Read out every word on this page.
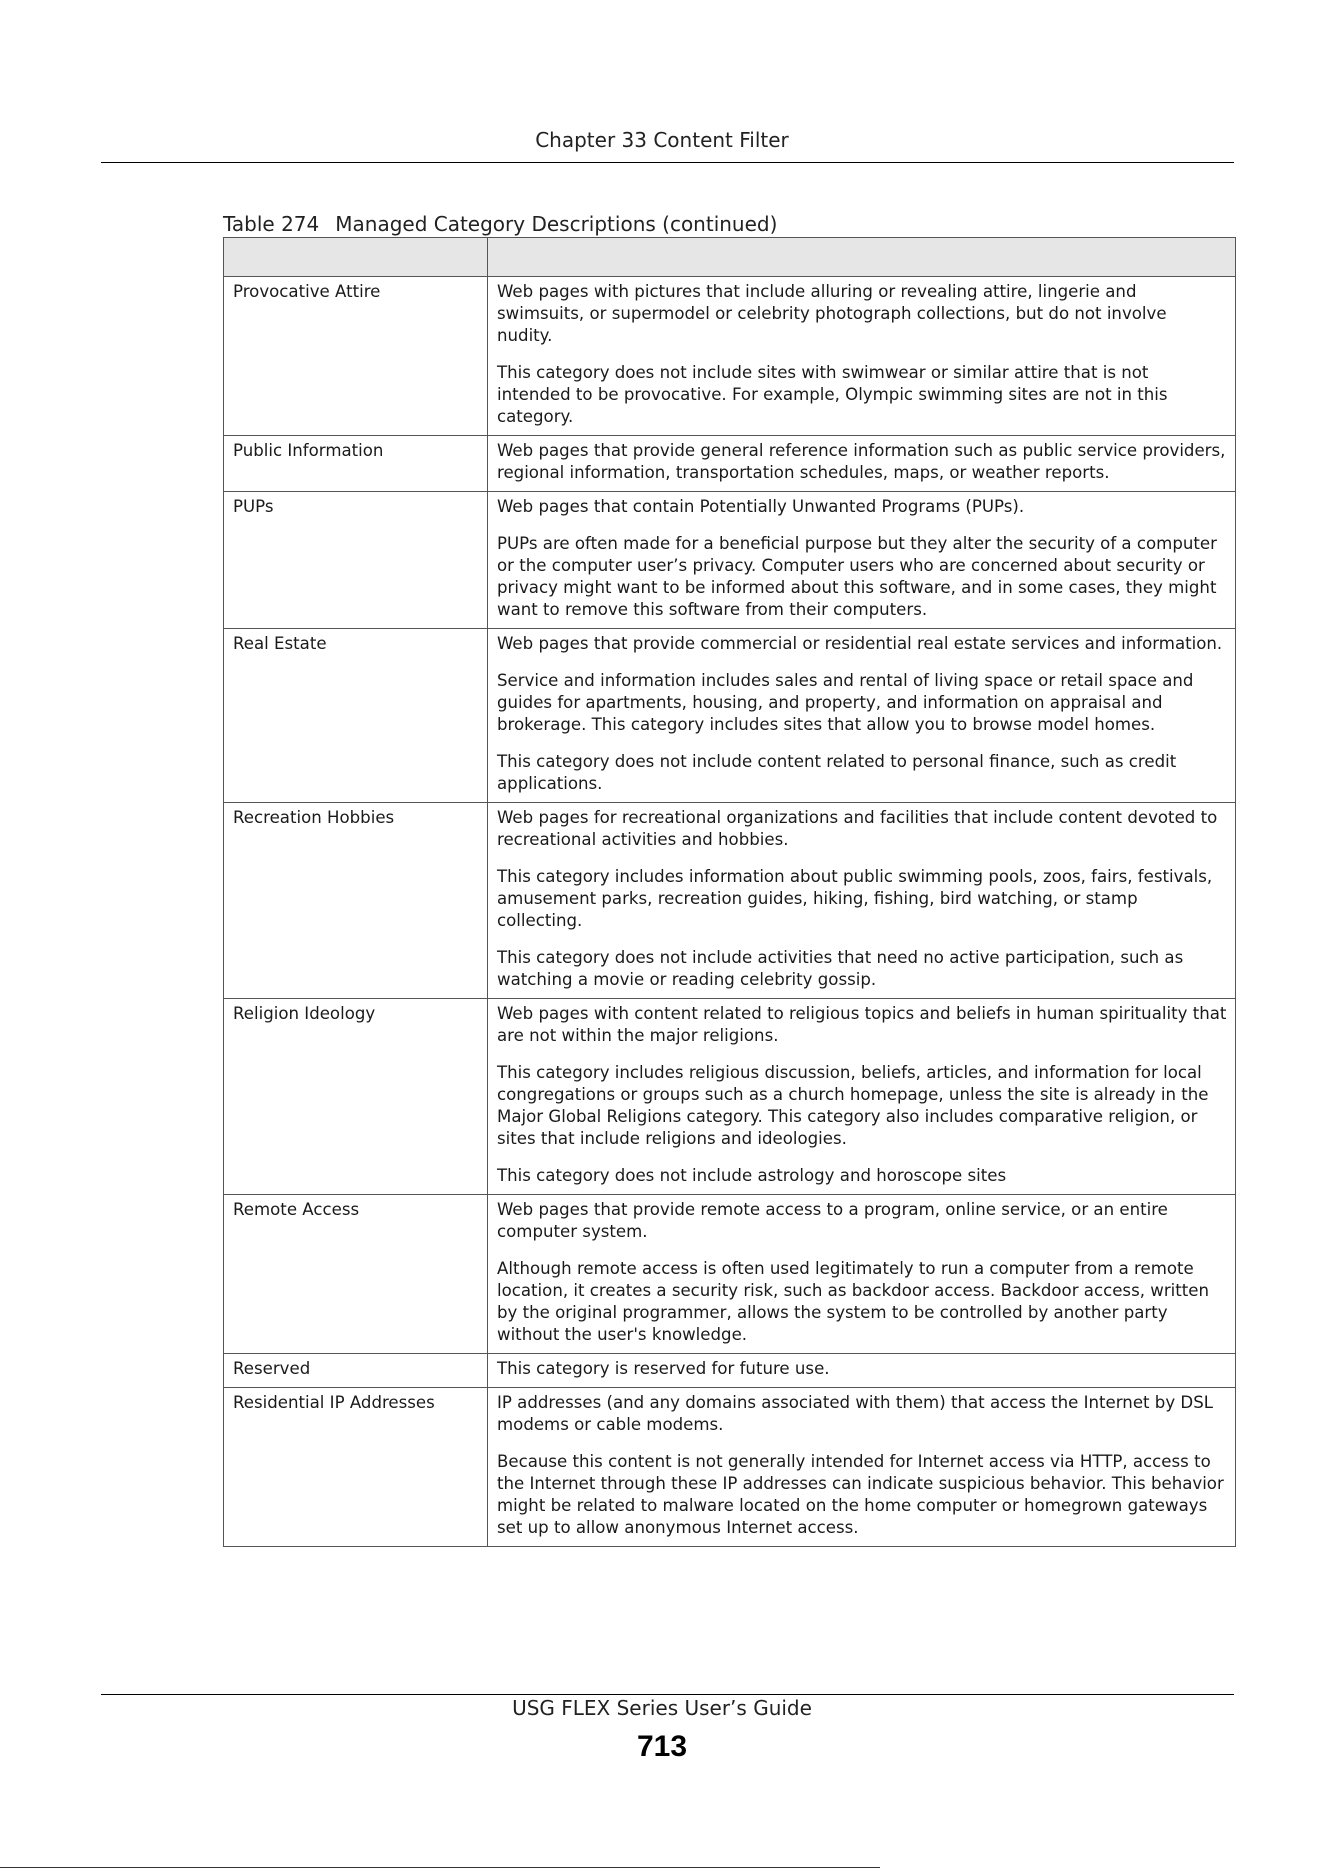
Chapter 33 Content Filter
Table 274 Managed Category Descriptions (continued)

Provocative Attire	Web pages with pictures that include alluring or revealing attire, lingerie and swimsuits, or supermodel or celebrity photograph collections, but do not involve nudity.

This category does not include sites with swimwear or similar attire that is not intended to be provocative. For example, Olympic swimming sites are not in this category.

Public Information	Web pages that provide general reference information such as public service providers, regional information, transportation schedules, maps, or weather reports.

PUPs	Web pages that contain Potentially Unwanted Programs (PUPs).

PUPs are often made for a beneficial purpose but they alter the security of a computer or the computer user’s privacy. Computer users who are concerned about security or privacy might want to be informed about this software, and in some cases, they might want to remove this software from their computers.

Real Estate	Web pages that provide commercial or residential real estate services and information.

Service and information includes sales and rental of living space or retail space and guides for apartments, housing, and property, and information on appraisal and brokerage. This category includes sites that allow you to browse model homes.

This category does not include content related to personal finance, such as credit applications.

Recreation Hobbies	Web pages for recreational organizations and facilities that include content devoted to recreational activities and hobbies.

This category includes information about public swimming pools, zoos, fairs, festivals, amusement parks, recreation guides, hiking, fishing, bird watching, or stamp collecting.

This category does not include activities that need no active participation, such as watching a movie or reading celebrity gossip.

Religion Ideology	Web pages with content related to religious topics and beliefs in human spirituality that are not within the major religions.

This category includes religious discussion, beliefs, articles, and information for local congregations or groups such as a church homepage, unless the site is already in the Major Global Religions category. This category also includes comparative religion, or sites that include religions and ideologies.

This category does not include astrology and horoscope sites

Remote Access	Web pages that provide remote access to a program, online service, or an entire computer system.

Although remote access is often used legitimately to run a computer from a remote location, it creates a security risk, such as backdoor access. Backdoor access, written by the original programmer, allows the system to be controlled by another party without the user's knowledge.

Reserved	This category is reserved for future use.

Residential IP Addresses	IP addresses (and any domains associated with them) that access the Internet by DSL modems or cable modems.

Because this content is not generally intended for Internet access via HTTP, access to the Internet through these IP addresses can indicate suspicious behavior. This behavior might be related to malware located on the home computer or homegrown gateways set up to allow anonymous Internet access.

USG FLEX Series User’s Guide
713
